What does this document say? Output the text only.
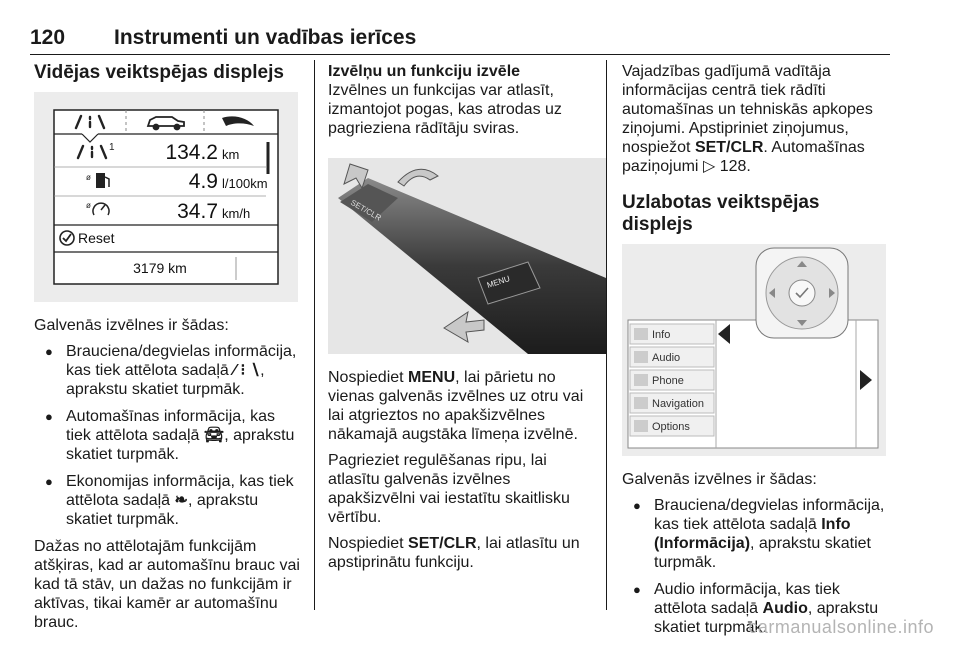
120 Instrumenti un vadības ierīces
Vidējas veiktspējas displejs
1 134.2 km
ø	4.9 l/100km
ø	34.7 km/h
Reset
3179 km

Galvenās izvēlnes ir šādas:

● Brauciena/degvielas informācija, kas tiek attēlota sadaļā ⁄ ⁝ ∖, aprakstu skatiet turpmāk.
● Automašīnas informācija, kas tiek attēlota sadaļā 🚘︎, aprakstu skatiet turpmāk.
● Ekonomijas informācija, kas tiek attēlota sadaļā ❧, aprakstu skatiet turpmāk.

Dažas no attēlotajām funkcijām atšķiras, kad ar automašīnu brauc vai kad tā stāv, un dažas no funkcijām ir aktīvas, tikai kamēr ar automašīnu brauc.

Izvēlņu un funkciju izvēle

Izvēlnes un funkcijas var atlasīt, izmantojot pogas, kas atrodas uz pagrieziena rādītāju sviras.

SET/CLR
MENU

Nospiediet MENU, lai pārietu no vienas galvenās izvēlnes uz otru vai lai atgrieztos no apakšizvēlnes nākamajā augstāka līmeņa izvēlnē.

Pagrieziet regulēšanas ripu, lai atlasītu galvenās izvēlnes apakšizvēlni vai iestatītu skaitlisku vērtību.

Nospiediet SET/CLR, lai atlasītu un apstiprinātu funkciju.

Vajadzības gadījumā vadītāja informācijas centrā tiek rādīti automašīnas un tehniskās apkopes ziņojumi. Apstipriniet ziņojumus, nospiežot SET/CLR. Automašīnas paziņojumi ▷ 128.

Uzlabotas veiktspējas displejs
Info
Audio
Phone
Navigation
Options

Galvenās izvēlnes ir šādas:

● Brauciena/degvielas informācija, kas tiek attēlota sadaļā Info (Informācija), aprakstu skatiet turpmāk.
● Audio informācija, kas tiek attēlota sadaļā Audio, aprakstu skatiet turpmāk.
carmanualsonline.info
